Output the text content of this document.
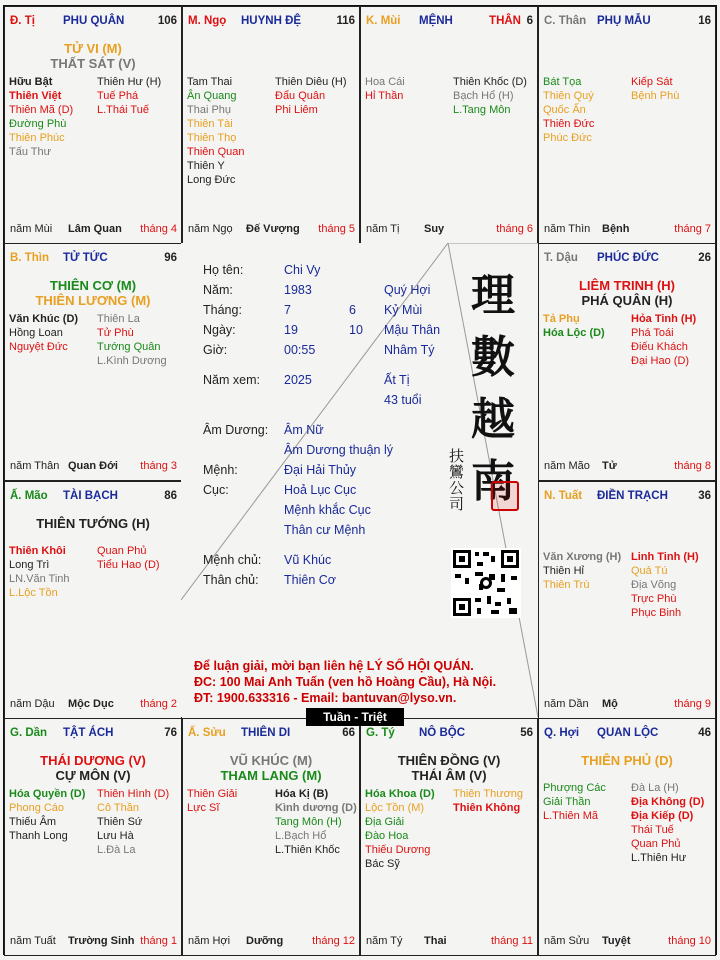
Đ. Tị PHU QUÂN	106
TỬ VI (M)
THẤT SÁT (V)
Hữu Bật
Thiên Việt
Thiên Mã (D)
Đường Phù
Thiên Phúc
Tấu Thư
Thiên Hư (H)
Tuế Phá
L.Thái Tuế
năm Mùi Lâm Quan tháng 4
M. Ngọ HUYNH ĐỆ	116
Tam Thai
Ân Quang
Thai Phụ
Thiên Tài
Thiên Thọ
Thiên Quan
Thiên Y
Long Đức
Thiên Diêu (H)
Đẩu Quân
Phi Liêm
năm Ngọ Đế Vượng tháng 5
K. Mùi MỆNH	THÂN 6
Hoa Cái
Hỉ Thần
Thiên Khốc (D)
Bạch Hổ (H)
L.Tang Môn
năm Tị Suy	tháng 6
C. Thân PHỤ MẪU	16
Bát Tọa
Thiên Quý
Quốc Ấn
Thiên Đức
Phúc Đức
Kiếp Sát
Bệnh Phù
năm Thìn Bệnh	tháng 7
B. Thìn TỬ TỨC	96
THIÊN CƠ (M)
THIÊN LƯƠNG (M)
Văn Khúc (D)
Hồng Loan
Nguyệt Đức
Thiên La
Tử Phù
Tướng Quân
L.Kình Dương
năm Thân Quan Đới tháng 3
T. Dậu PHÚC ĐỨC	26
LIÊM TRINH (H)
PHÁ QUÂN (H)
Tả Phụ
Hóa Lộc (D)
Hỏa Tinh (H)
Phá Toái
Điếu Khách
Đại Hao (D)
năm Mão Tử	tháng 8
Ấ. Mão TÀI BẠCH	86
THIÊN TƯỚNG (H)
Thiên Khôi
Long Trì
LN.Văn Tinh
L.Lộc Tồn
Quan Phủ
Tiểu Hao (D)
năm Dậu Mộc Dục tháng 2
N. Tuất ĐIỀN TRẠCH	36
Văn Xương (H)
Thiên Hỉ
Thiên Trù
Linh Tinh (H)
Quả Tú
Địa Võng
Trực Phù
Phục Binh
năm Dần Mộ	tháng 9
G. Dần TẬT ÁCH	76
THÁI DƯƠNG (V)
CỰ MÔN (V)
Hóa Quyền (D)
Phong Cáo
Thiếu Âm
Thanh Long
Thiên Hình (D)
Cô Thần
Thiên Sứ
Lưu Hà
L.Đà La
năm Tuất Trường Sinh tháng 1
Ấ. Sửu THIÊN DI	66
VŨ KHÚC (M)
THAM LANG (M)
Thiên Giải
Lực Sĩ
Hóa Kị (B)
Kình dương (D)
Tang Môn (H)
L.Bạch Hổ
L.Thiên Khốc
năm Hợi Dưỡng	tháng 12
G. Tý NÔ BỘC	56
THIÊN ĐỒNG (V)
THÁI ÂM (V)
Hóa Khoa (D)
Lộc Tồn (M)
Địa Giải
Đào Hoa
Thiếu Dương
Bác Sỹ
Thiên Thương
Thiên Không
năm Tý Thai	tháng 11
Q. Hợi QUAN LỘC	46
THIÊN PHỦ (D)
Phượng Các
Giải Thần
L.Thiên Mã
Đà La (H)
Địa Không (D)
Địa Kiếp (D)
Thái Tuế
Quan Phủ
L.Thiên Hư
năm Sửu Tuyệt	tháng 10
Họ tên:	Chi Vy
Năm:	1983	Quý Hợi
Tháng:	7	6 Kỷ Mùi
Ngày:	19	10 Mậu Thân
Giờ:	00:55	Nhâm Tý
Năm xem: 2025	Ất Tị
43 tuổi
Âm Dương: Âm Nữ
Âm Dương thuận lý
Mệnh:	Đại Hải Thủy
Cục:	Hoả Lục Cục
Mệnh khắc Cục
Thân cư Mệnh
Mệnh chủ: Vũ Khúc
Thân chủ: Thiên Cơ
理
數
越
南
扶鸞公司
Để luận giải, mời bạn liên hệ LÝ SỐ HỘI QUÁN.
ĐC: 100 Mai Anh Tuấn (ven hồ Hoàng Cầu), Hà Nội.
ĐT: 1900.633316 - Email: bantuvan@lyso.vn.
Tuần - Triệt
